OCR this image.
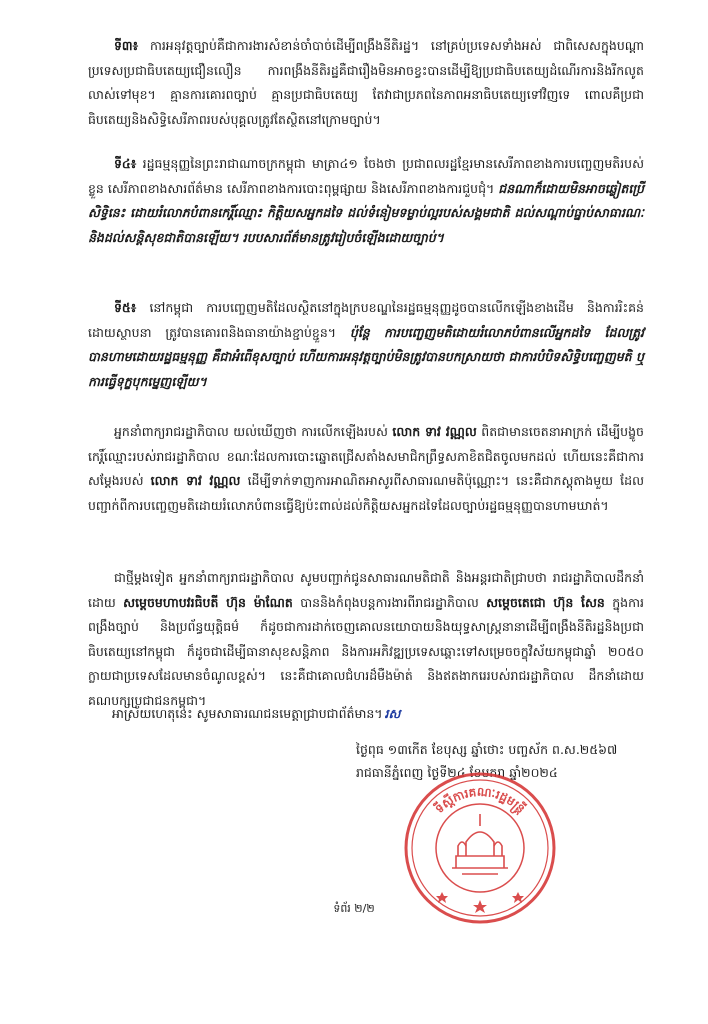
ទី៣៖ ការអនុវត្តច្បាប់គឺជាការងារសំខាន់ចាំបាច់ដើម្បីពង្រឹងនីតិរដ្ឋ។ នៅគ្រប់ប្រទេសទាំងអស់ ជាពិសេសក្នុងបណ្តាប្រទេសប្រជាធិបតេយ្យជឿនលឿន ការពង្រឹងនីតិរដ្ឋគឺជារឿងមិនអាចខ្វះបានដើម្បីឱ្យប្រជាធិបតេយ្យដំណើរការនិងរីកលូតលាស់ទៅមុខ។ គ្មានការគោរពច្បាប់ គ្មានប្រជាធិបតេយ្យ តែវាជាប្រភពនៃភាពអនាធិបតេយ្យទៅវិញទេ ពោលគឺប្រជាធិបតេយ្យនិងសិទ្ធិសេរីភាពរបស់បុគ្គលត្រូវតែស្ថិតនៅក្រោមច្បាប់។

ទី៤៖ រដ្ឋធម្មនុញ្ញនៃព្រះរាជាណាចក្រកម្ពុជា មាត្រា៤១ ចែងថា ប្រជាពលរដ្ឋខ្មែរមានសេរីភាពខាងការបញ្ចេញមតិរបស់ខ្លួន សេរីភាពខាងសារព័ត៌មាន សេរីភាពខាងការបោះពុម្ពផ្សាយ និងសេរីភាពខាងការជួបជុំ។ ជនណាក៏ដោយមិនអាចឆ្លៀតប្រើសិទ្ធិនេះ ដោយរំលោភបំពានកេរ្តិ៍ឈ្មោះ កិត្តិយសអ្នកដទៃ ដល់ទំនៀមទម្លាប់ល្អរបស់សង្គមជាតិ ដល់សណ្តាប់ធ្នាប់សាធារណៈ និងដល់សន្តិសុខជាតិបានឡើយ។ របបសារព័ត៌មានត្រូវរៀបចំឡើងដោយច្បាប់។

ទី៥៖ នៅកម្ពុជា ការបញ្ចេញមតិដែលស្ថិតនៅក្នុងក្របខណ្ឌនៃរដ្ឋធម្មនុញ្ញដូចបានលើកឡើងខាងដើម និងការរិះគន់ដោយស្ថាបនា ត្រូវបានគោរពនិងធានាយ៉ាងខ្ជាប់ខ្ជួន។ ប៉ុន្តែ ការបញ្ចេញមតិដោយរំលោភបំពានលើអ្នកដទៃ ដែលត្រូវបានហាមដោយរដ្ឋធម្មនុញ្ញ គឺជាអំពើខុសច្បាប់ ហើយការអនុវត្តច្បាប់មិនត្រូវបានបកស្រាយថា ជាការបំបិទសិទ្ធិបញ្ចេញមតិ ឬការធ្វើទុក្ខបុកម្នេញឡើយ។

អ្នកនាំពាក្យរាជរដ្ឋាភិបាល យល់ឃើញថា ការលើកឡើងរបស់ លោក ទាវ វណ្ណល ពិតជាមានចេតនាអាក្រក់ ដើម្បីបង្ខូចកេរ្តិ៍ឈ្មោះរបស់រាជរដ្ឋាភិបាល ខណៈដែលការបោះឆ្នោតជ្រើសតាំងសមាជិកព្រឹទ្ធសភាខិតជិតចូលមកដល់ ហើយនេះគឺជាការសម្តែងរបស់ លោក ទាវ វណ្ណល ដើម្បីទាក់ទាញការអាណិតអាសូរពីសាធារណមតិប៉ុណ្ណោះ។ នេះគឺជាភស្តុតាងមួយ ដែលបញ្ជាក់ពីការបញ្ចេញមតិដោយរំលោភបំពានធ្វើឱ្យប៉ះពាល់ដល់កិត្តិយសអ្នកដទៃដែលច្បាប់រដ្ឋធម្មនុញ្ញបានហាមឃាត់។

ជាថ្មីម្តងទៀត អ្នកនាំពាក្យរាជរដ្ឋាភិបាល សូមបញ្ជាក់ជូនសាធារណមតិជាតិ និងអន្តរជាតិជ្រាបថា រាជរដ្ឋាភិបាលដឹកនាំដោយ សម្តេចមហាបវរធិបតី ហ៊ុន ម៉ាណែត បាននិងកំពុងបន្តការងារពីរាជរដ្ឋាភិបាល សម្តេចតេជោ ហ៊ុន សែន ក្នុងការពង្រឹងច្បាប់ និងប្រព័ន្ធយុត្តិធម៌ ក៏ដូចជាការដាក់ចេញគោលនយោបាយនិងយុទ្ធសាស្ត្រនានាដើម្បីពង្រឹងនីតិរដ្ឋនិងប្រជាធិបតេយ្យនៅកម្ពុជា ក៏ដូចជាដើម្បីធានាសុខសន្តិភាព និងការអភិវឌ្ឍប្រទេសឆ្ពោះទៅសម្រេចចក្ខុវិស័យកម្ពុជាឆ្នាំ ២០៥០ ក្លាយជាប្រទេសដែលមានចំណូលខ្ពស់។ នេះគឺជាគោលជំហរដ៏មឺងម៉ាត់ និងឥតងាករេរបស់រាជរដ្ឋាភិបាល ដឹកនាំដោយគណបក្សប្រជាជនកម្ពុជា។

អាស្រ័យហេតុនេះ សូមសាធារណជនមេត្តាជ្រាបជាព័ត៌មាន។ រស

ថ្ងៃពុធ ១៣កើត ខែបុស្ស ឆ្នាំថោះ បញ្ចស័ក ព.ស.២៥៦៧
រាជធានីភ្នំពេញ ថ្ងៃទី២៤ ខែមករា ឆ្នាំ២០២៤
ទីស្តីការគណៈរដ្ឋមន្ត្រី
ទំព័រ ២/២
